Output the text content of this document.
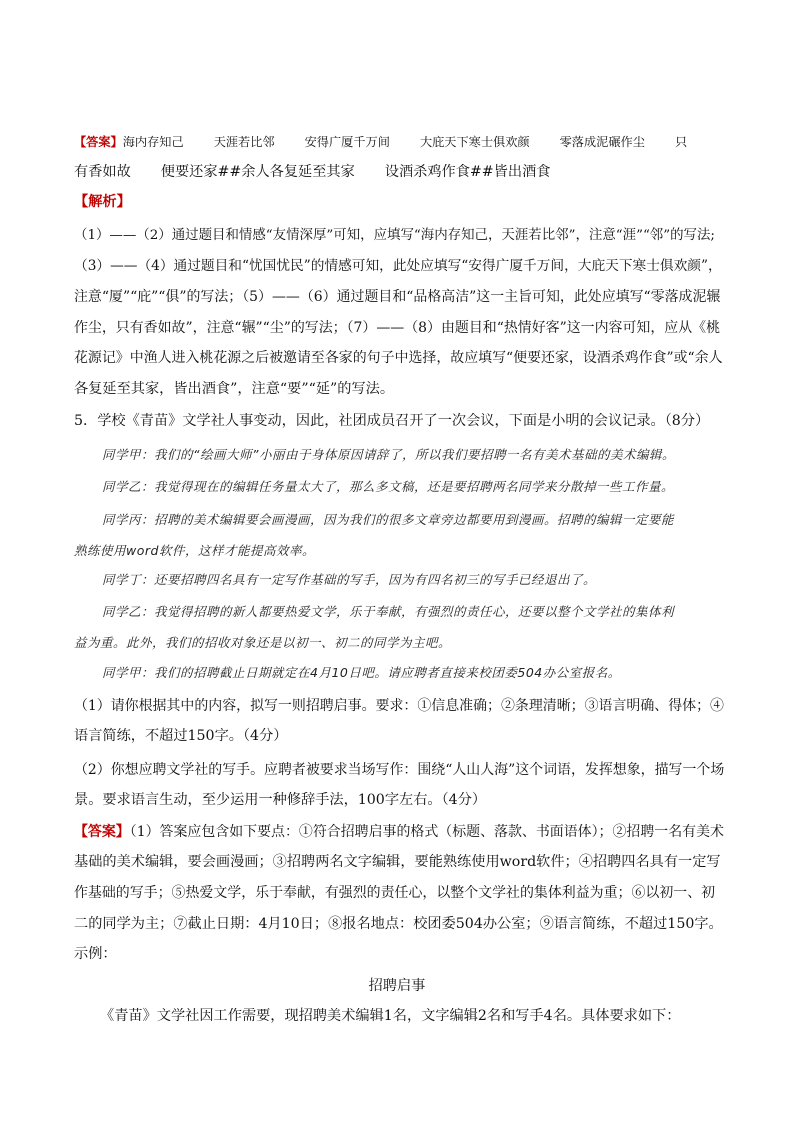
【答案】海内存知己 天涯若比邻 安得广厦千万间 大庇天下寒士俱欢颜 零落成泥碾作尘 只
有香如故 便要还家##余人各复延至其家 设酒杀鸡作食##皆出酒食
【解析】
（1）——（2）通过题目和情感“友情深厚”可知，应填写“海内存知己，天涯若比邻”，注意“涯”“邻”的写法;
（3）——（4）通过题目和“忧国忧民”的情感可知，此处应填写“安得广厦千万间，大庇天下寒士俱欢颜”，
注意“厦”“庇”“俱”的写法；（5）——（6）通过题目和“品格高洁”这一主旨可知，此处应填写“零落成泥辗
作尘，只有香如故”，注意“辗”“尘”的写法；（7）——（8）由题目和“热情好客”这一内容可知，应从《桃
花源记》中渔人进入桃花源之后被邀请至各家的句子中选择，故应填写“便要还家，设酒杀鸡作食”或“余人
各复延至其家，皆出酒食”，注意“要”“延”的写法。
5．学校《青苗》文学社人事变动，因此，社团成员召开了一次会议，下面是小明的会议记录。（8分）
同学甲：我们的“绘画大师”小丽由于身体原因请辞了，所以我们要招聘一名有美术基础的美术编辑。
同学乙：我觉得现在的编辑任务量太大了，那么多文稿，还是要招聘两名同学来分散掉一些工作量。
同学丙：招聘的美术编辑要会画漫画，因为我们的很多文章旁边都要用到漫画。招聘的编辑一定要能
熟练使用word软件，这样才能提高效率。
同学丁：还要招聘四名具有一定写作基础的写手，因为有四名初三的写手已经退出了。
同学乙：我觉得招聘的新人都要热爱文学，乐于奉献，有强烈的责任心，还要以整个文学社的集体利
益为重。此外，我们的招收对象还是以初一、初二的同学为主吧。
同学甲：我们的招聘截止日期就定在4月10日吧。请应聘者直接来校团委504办公室报名。
（1）请你根据其中的内容，拟写一则招聘启事。要求：①信息准确；②条理清晰；③语言明确、得体；④
语言简练，不超过150字。（4分）
（2）你想应聘文学社的写手。应聘者被要求当场写作：围绕“人山人海”这个词语，发挥想象，描写一个场
景。要求语言生动，至少运用一种修辞手法，100字左右。（4分）
【答案】（1）答案应包含如下要点：①符合招聘启事的格式（标题、落款、书面语体）；②招聘一名有美术
基础的美术编辑，要会画漫画；③招聘两名文字编辑，要能熟练使用word软件；④招聘四名具有一定写
作基础的写手；⑤热爱文学，乐于奉献，有强烈的责任心，以整个文学社的集体利益为重；⑥以初一、初
二的同学为主；⑦截止日期：4月10日；⑧报名地点：校团委504办公室；⑨语言简练，不超过150字。
示例：
招聘启事
《青苗》文学社因工作需要，现招聘美术编辑1名，文字编辑2名和写手4名。具体要求如下：
